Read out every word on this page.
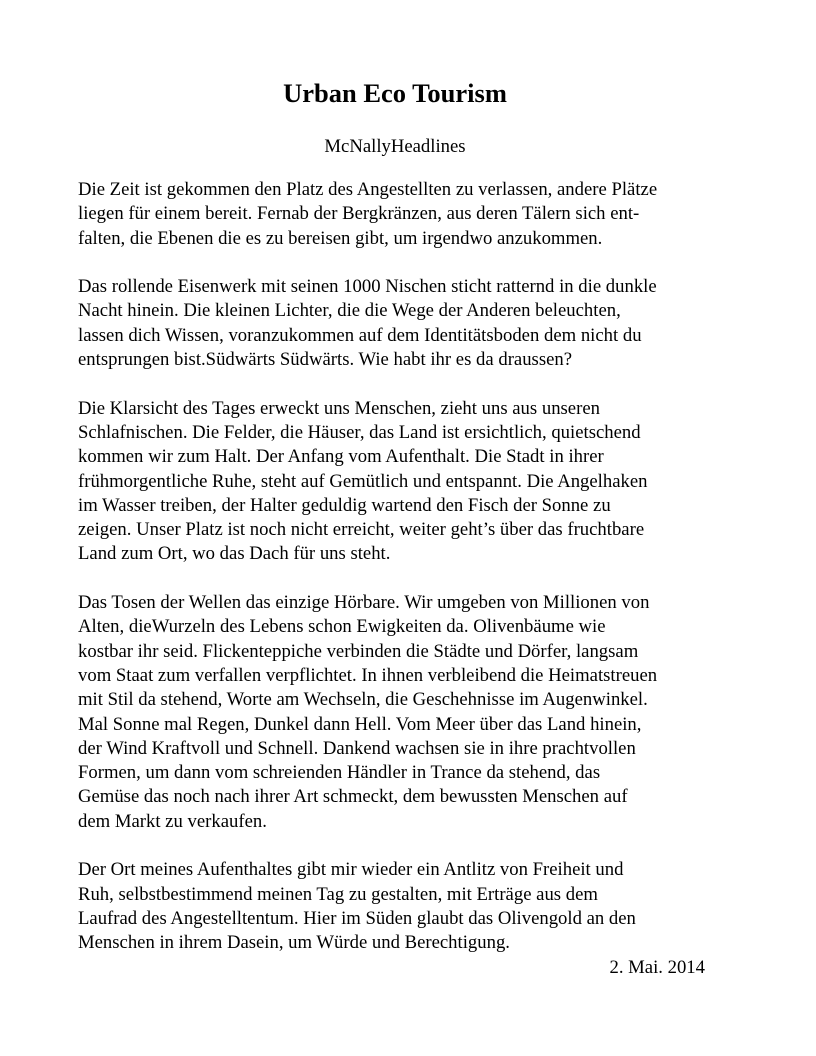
Urban Eco Tourism
McNallyHeadlines

Die Zeit ist gekommen den Platz des Angestellten zu verlassen, andere Plätze
liegen für einem bereit. Fernab der Bergkränzen, aus deren Tälern sich ent-
falten, die Ebenen die es zu bereisen gibt, um irgendwo anzukommen.

Das rollende Eisenwerk mit seinen 1000 Nischen sticht ratternd in die dunkle
Nacht hinein. Die kleinen Lichter, die die Wege der Anderen beleuchten,
lassen dich Wissen, voranzukommen auf dem Identitätsboden dem nicht du
entsprungen bist.Südwärts Südwärts. Wie habt ihr es da draussen?

Die Klarsicht des Tages erweckt uns Menschen, zieht uns aus unseren
Schlafnischen. Die Felder, die Häuser, das Land ist ersichtlich, quietschend
kommen wir zum Halt. Der Anfang vom Aufenthalt. Die Stadt in ihrer
frühmorgentliche Ruhe, steht auf Gemütlich und entspannt. Die Angelhaken
im Wasser treiben, der Halter geduldig wartend den Fisch der Sonne zu
zeigen. Unser Platz ist noch nicht erreicht, weiter geht’s über das fruchtbare
Land zum Ort, wo das Dach für uns steht.

Das Tosen der Wellen das einzige Hörbare. Wir umgeben von Millionen von
Alten, dieWurzeln des Lebens schon Ewigkeiten da. Olivenbäume wie
kostbar ihr seid. Flickenteppiche verbinden die Städte und Dörfer, langsam
vom Staat zum verfallen verpflichtet. In ihnen verbleibend die Heimatstreuen
mit Stil da stehend, Worte am Wechseln, die Geschehnisse im Augenwinkel.
Mal Sonne mal Regen, Dunkel dann Hell. Vom Meer über das Land hinein,
der Wind Kraftvoll und Schnell. Dankend wachsen sie in ihre prachtvollen
Formen, um dann vom schreienden Händler in Trance da stehend, das
Gemüse das noch nach ihrer Art schmeckt, dem bewussten Menschen auf
dem Markt zu verkaufen.

Der Ort meines Aufenthaltes gibt mir wieder ein Antlitz von Freiheit und
Ruh, selbstbestimmend meinen Tag zu gestalten, mit Erträge aus dem
Laufrad des Angestelltentum. Hier im Süden glaubt das Olivengold an den
Menschen in ihrem Dasein, um Würde und Berechtigung.

2. Mai. 2014
